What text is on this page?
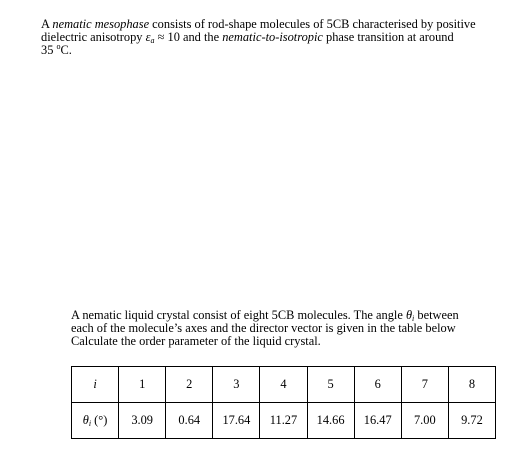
A nematic mesophase consists of rod-shape molecules of 5CB characterised by positive
dielectric anisotropy $\varepsilon_a \approx 10$ and the nematic-to-isotropic phase transition at around
35 $^o$C.
A nematic liquid crystal consist of eight 5CB molecules. The angle $\theta_i$ between
each of the molecule’s axes and the director vector is given in the table below
Calculate the order parameter of the liquid crystal.
i	1	2	3	4	5	6	7	8
$\theta_i$ (°)	3.09	0.64	17.64	11.27	14.66	16.47	7.00	9.72
